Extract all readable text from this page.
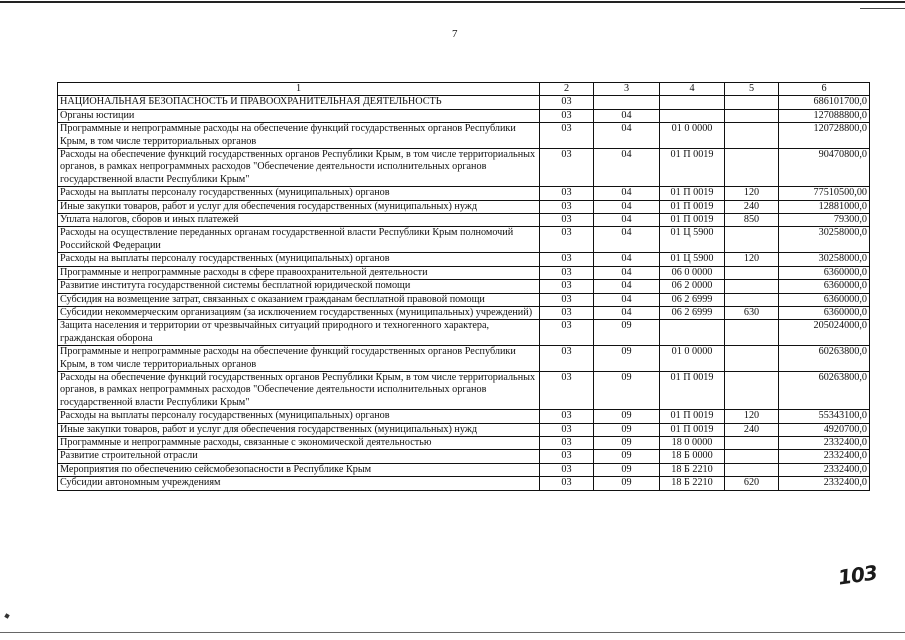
7
1	2	3	4	5	6
НАЦИОНАЛЬНАЯ БЕЗОПАСНОСТЬ И ПРАВООХРАНИТЕЛЬНАЯ ДЕЯТЕЛЬНОСТЬ	03				686101700,0
Органы юстиции	03	04			127088800,0
Программные и непрограммные расходы на обеспечение функций государственных органов Республики Крым, в том числе территориальных органов	03	04	01 0 0000		120728800,0
Расходы на обеспечение функций государственных органов Республики Крым, в том числе территориальных органов, в рамках непрограммных расходов "Обеспечение деятельности исполнительных органов государственной власти Республики Крым"	03	04	01 П 0019		90470800,0
Расходы на выплаты персоналу государственных (муниципальных) органов	03	04	01 П 0019	120	77510500,00
Иные закупки товаров, работ и услуг для обеспечения государственных (муниципальных) нужд	03	04	01 П 0019	240	12881000,0
Уплата налогов, сборов и иных платежей	03	04	01 П 0019	850	79300,0
Расходы на осуществление переданных органам государственной власти Республики Крым полномочий Российской Федерации	03	04	01 Ц 5900		30258000,0
Расходы на выплаты персоналу государственных (муниципальных) органов	03	04	01 Ц 5900	120	30258000,0
Программные и непрограммные расходы в сфере правоохранительной деятельности	03	04	06 0 0000		6360000,0
Развитие института государственной системы бесплатной юридической помощи	03	04	06 2 0000		6360000,0
Субсидия на возмещение затрат, связанных с оказанием гражданам бесплатной правовой помощи	03	04	06 2 6999		6360000,0
Субсидии некоммерческим организациям (за исключением государственных (муниципальных) учреждений)	03	04	06 2 6999	630	6360000,0
Защита населения и территории от чрезвычайных ситуаций природного и техногенного характера, гражданская оборона	03	09			205024000,0
Программные и непрограммные расходы на обеспечение функций государственных органов Республики Крым, в том числе территориальных органов	03	09	01 0 0000		60263800,0
Расходы на обеспечение функций государственных органов Республики Крым, в том числе территориальных органов, в рамках непрограммных расходов "Обеспечение деятельности исполнительных органов государственной власти Республики Крым"	03	09	01 П 0019		60263800,0
Расходы на выплаты персоналу государственных (муниципальных) органов	03	09	01 П 0019	120	55343100,0
Иные закупки товаров, работ и услуг для обеспечения государственных (муниципальных) нужд	03	09	01 П 0019	240	4920700,0
Программные и непрограммные расходы, связанные с экономической деятельностью	03	09	18 0 0000		2332400,0
Развитие строительной отрасли	03	09	18 Б 0000		2332400,0
Мероприятия по обеспечению сейсмобезопасности в Республике Крым	03	09	18 Б 2210		2332400,0
Субсидии автономным учреждениям	03	09	18 Б 2210	620	2332400,0
103
